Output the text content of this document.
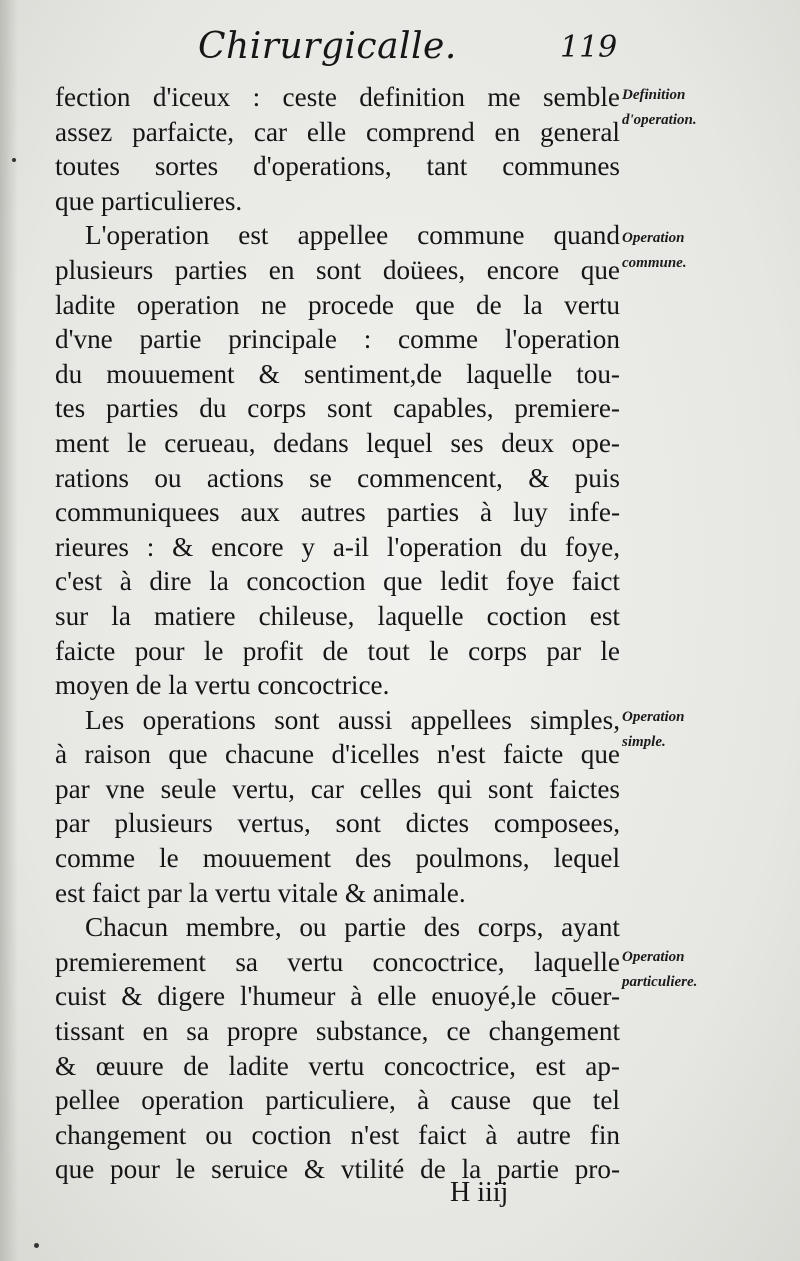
Chirurgicalle.	119
fection d'iceux : ceste definition me semble
assez parfaicte, car elle comprend en general
toutes sortes d'operations, tant communes
que particulieres.
L'operation est appellee commune quand
plusieurs parties en sont doüees, encore que
ladite operation ne procede que de la vertu
d'vne partie principale : comme l'operation
du mouuement & sentiment,de laquelle tou-
tes parties du corps sont capables, premiere-
ment le cerueau, dedans lequel ses deux ope-
rations ou actions se commencent, & puis
communiquees aux autres parties à luy infe-
rieures : & encore y a-il l'operation du foye,
c'est à dire la concoction que ledit foye faict
sur la matiere chileuse, laquelle coction est
faicte pour le profit de tout le corps par le
moyen de la vertu concoctrice.
Les operations sont aussi appellees simples,
à raison que chacune d'icelles n'est faicte que
par vne seule vertu, car celles qui sont faictes
par plusieurs vertus, sont dictes composees,
comme le mouuement des poulmons, lequel
est faict par la vertu vitale & animale.
Chacun membre, ou partie des corps, ayant
premierement sa vertu concoctrice, laquelle
cuist & digere l'humeur à elle enuoyé,le cōuer-
tissant en sa propre substance, ce changement
& œuure de ladite vertu concoctrice, est ap-
pellee operation particuliere, à cause que tel
changement ou coction n'est faict à autre fin
que pour le seruice & vtilité de la partie pro-
Definition
d'operation.
Operation
commune.
Operation
simple.
Operation
particuliere.
H iiij
